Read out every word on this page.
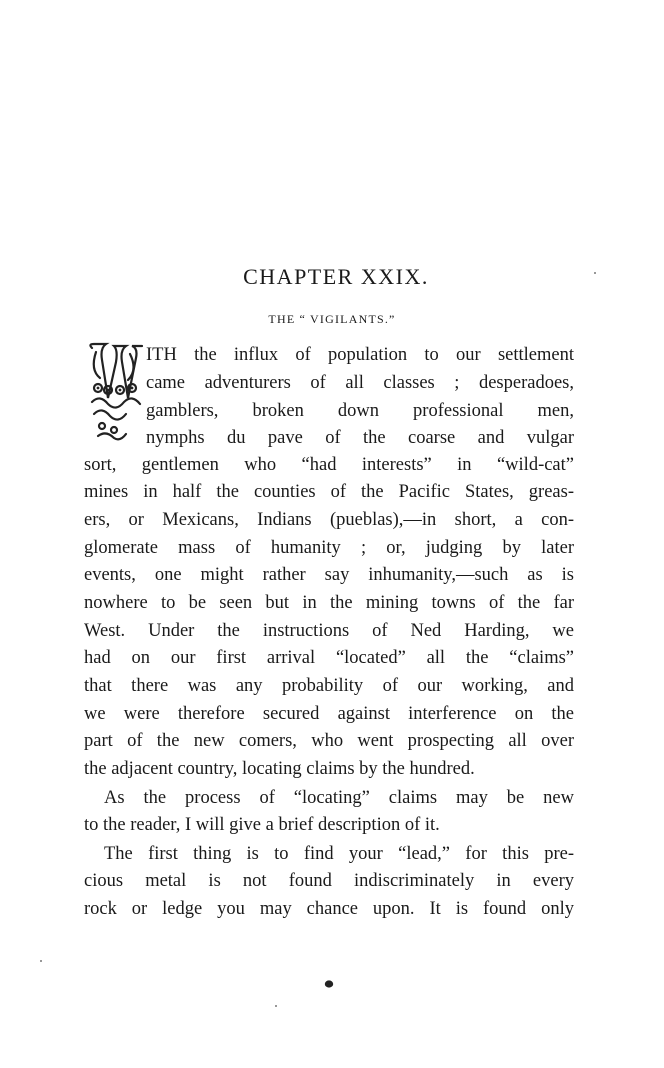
CHAPTER XXIX.
THE “ VIGILANTS.”
ITH the influx of population to our settlement
came adventurers of all classes ; desperadoes,
gamblers, broken down professional men,
nymphs du pave of the coarse and vulgar
sort, gentlemen who “had interests” in “wild-cat”
mines in half the counties of the Pacific States, greas-
ers, or Mexicans, Indians (pueblas),—in short, a con-
glomerate mass of humanity ; or, judging by later
events, one might rather say inhumanity,—such as is
nowhere to be seen but in the mining towns of the far
West. Under the instructions of Ned Harding, we
had on our first arrival “located” all the “claims”
that there was any probability of our working, and
we were therefore secured against interference on the
part of the new comers, who went prospecting all over
the adjacent country, locating claims by the hundred.
As the process of “locating” claims may be new
to the reader, I will give a brief description of it.
The first thing is to find your “lead,” for this pre-
cious metal is not found indiscriminately in every
rock or ledge you may chance upon. It is found only
